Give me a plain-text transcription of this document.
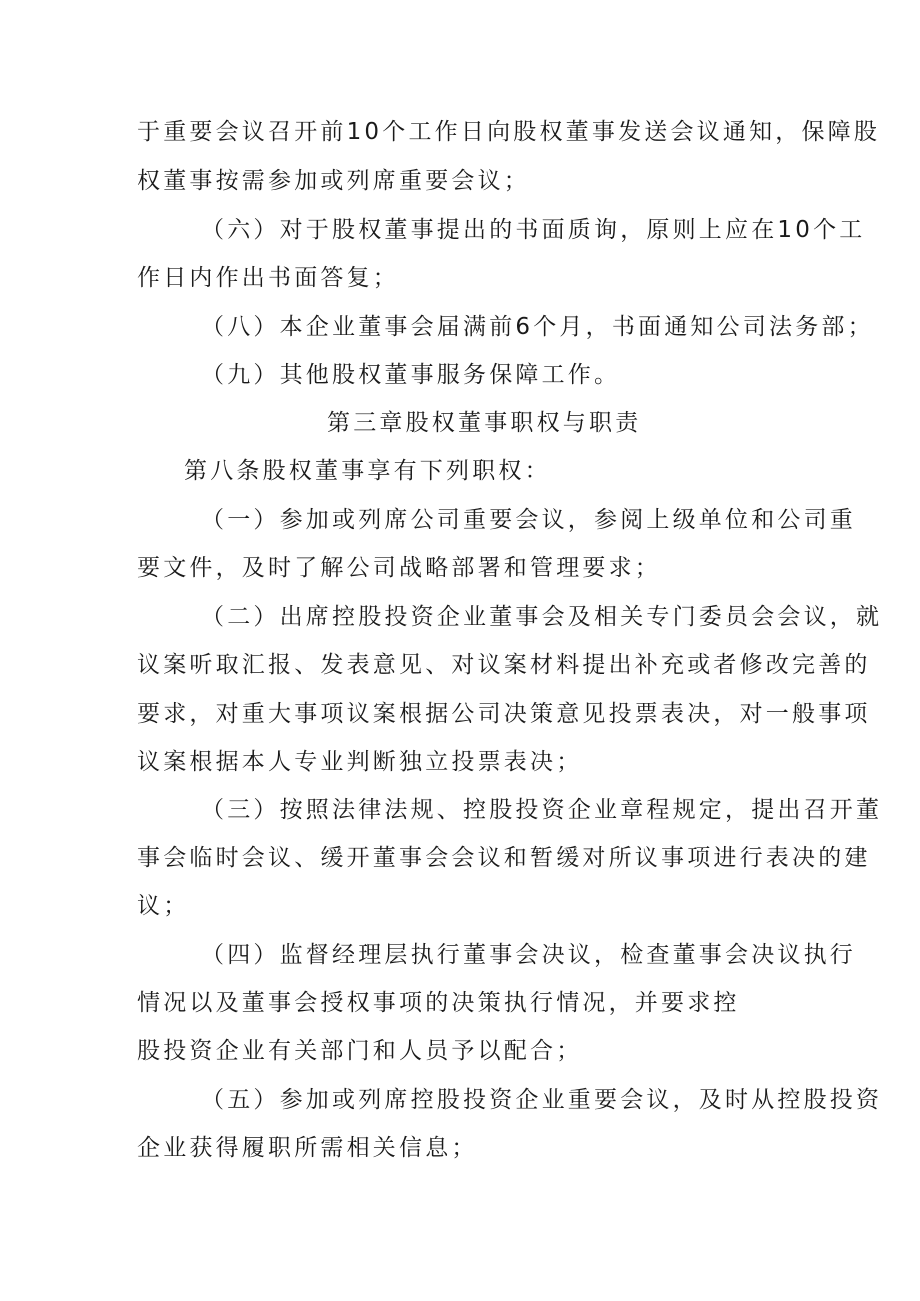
于重要会议召开前10个工作日向股权董事发送会议通知，保障股
权董事按需参加或列席重要会议；
（六）对于股权董事提出的书面质询，原则上应在10个工
作日内作出书面答复；
（八）本企业董事会届满前6个月，书面通知公司法务部；
（九）其他股权董事服务保障工作。
第三章股权董事职权与职责
第八条股权董事享有下列职权：
（一）参加或列席公司重要会议，参阅上级单位和公司重
要文件，及时了解公司战略部署和管理要求；
（二）出席控股投资企业董事会及相关专门委员会会议，就
议案听取汇报、发表意见、对议案材料提出补充或者修改完善的
要求，对重大事项议案根据公司决策意见投票表决，对一般事项
议案根据本人专业判断独立投票表决；
（三）按照法律法规、控股投资企业章程规定，提出召开董
事会临时会议、缓开董事会会议和暂缓对所议事项进行表决的建
议；
（四）监督经理层执行董事会决议，检查董事会决议执行
情况以及董事会授权事项的决策执行情况，并要求控
股投资企业有关部门和人员予以配合；
（五）参加或列席控股投资企业重要会议，及时从控股投资
企业获得履职所需相关信息；
